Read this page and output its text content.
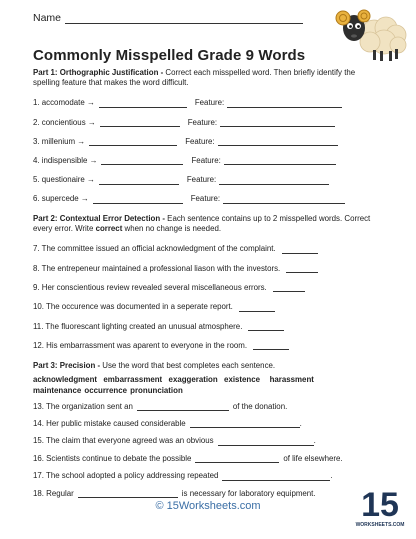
Name
Commonly Misspelled Grade 9 Words
Part 1: Orthographic Justification - Correct each misspelled word. Then briefly identify the spelling feature that makes the word difficult.
1. accomodate →	Feature:
2. concientious →	Feature:
3. millenium →	Feature:
4. indispensible →	Feature:
5. questionaire →	Feature:
6. supercede →	Feature:
Part 2: Contextual Error Detection - Each sentence contains up to 2 misspelled words. Correct every error. Write correct when no change is needed.
7. The committee issued an official acknowledgment of the complaint.
8. The entrepeneur maintained a professional liason with the investors.
9. Her conscientious review revealed several miscellaneous errors.
10. The occurence was documented in a seperate report.
11. The fluorescant lighting created an unusual atmosphere.
12. His embarrassment was aparent to everyone in the room.
Part 3: Precision - Use the word that best completes each sentence.
acknowledgment  embarrassment  exaggeration  existence   harassment
maintenance occurrence pronunciation
13. The organization sent an	of the donation.
14. Her public mistake caused considerable	.
15. The claim that everyone agreed was an obvious	.
16. Scientists continue to debate the possible	of life elsewhere.
17. The school adopted a policy addressing repeated	.
18. Regular	is necessary for laboratory equipment.
© 15Worksheets.com	15
WORKSHEETS.COM
